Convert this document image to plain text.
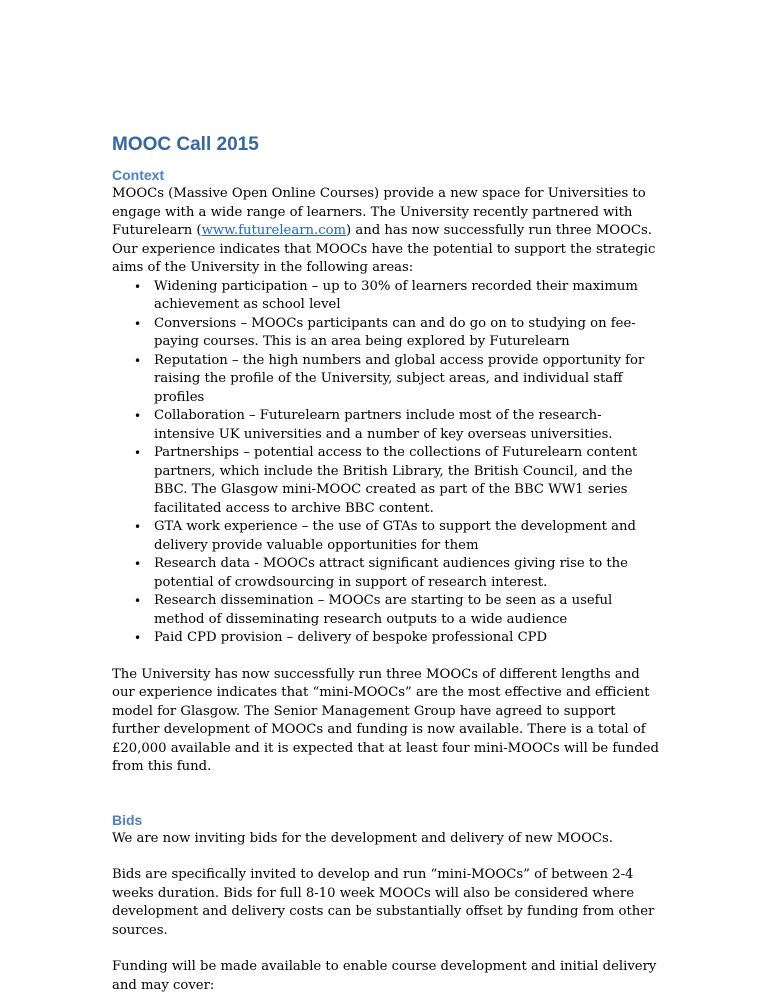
MOOC Call 2015
Context

MOOCs (Massive Open Online Courses) provide a new space for Universities to engage with a wide range of learners. The University recently partnered with Futurelearn (www.futurelearn.com) and has now successfully run three MOOCs. Our experience indicates that MOOCs have the potential to support the strategic aims of the University in the following areas:

• Widening participation – up to 30% of learners recorded their maximum achievement as school level
• Conversions – MOOCs participants can and do go on to studying on fee-paying courses. This is an area being explored by Futurelearn
• Reputation – the high numbers and global access provide opportunity for raising the profile of the University, subject areas, and individual staff profiles
• Collaboration – Futurelearn partners include most of the research-intensive UK universities and a number of key overseas universities.
• Partnerships – potential access to the collections of Futurelearn content partners, which include the British Library, the British Council, and the BBC. The Glasgow mini-MOOC created as part of the BBC WW1 series facilitated access to archive BBC content.
• GTA work experience – the use of GTAs to support the development and delivery provide valuable opportunities for them
• Research data - MOOCs attract significant audiences giving rise to the potential of crowdsourcing in support of research interest.
• Research dissemination – MOOCs are starting to be seen as a useful method of disseminating research outputs to a wide audience
• Paid CPD provision – delivery of bespoke professional CPD

The University has now successfully run three MOOCs of different lengths and our experience indicates that “mini-MOOCs” are the most effective and efficient model for Glasgow. The Senior Management Group have agreed to support further development of MOOCs and funding is now available. There is a total of £20,000 available and it is expected that at least four mini-MOOCs will be funded from this fund.

Bids

We are now inviting bids for the development and delivery of new MOOCs.

Bids are specifically invited to develop and run “mini-MOOCs” of between 2-4 weeks duration. Bids for full 8-10 week MOOCs will also be considered where development and delivery costs can be substantially offset by funding from other sources.

Funding will be made available to enable course development and initial delivery and may cover:
